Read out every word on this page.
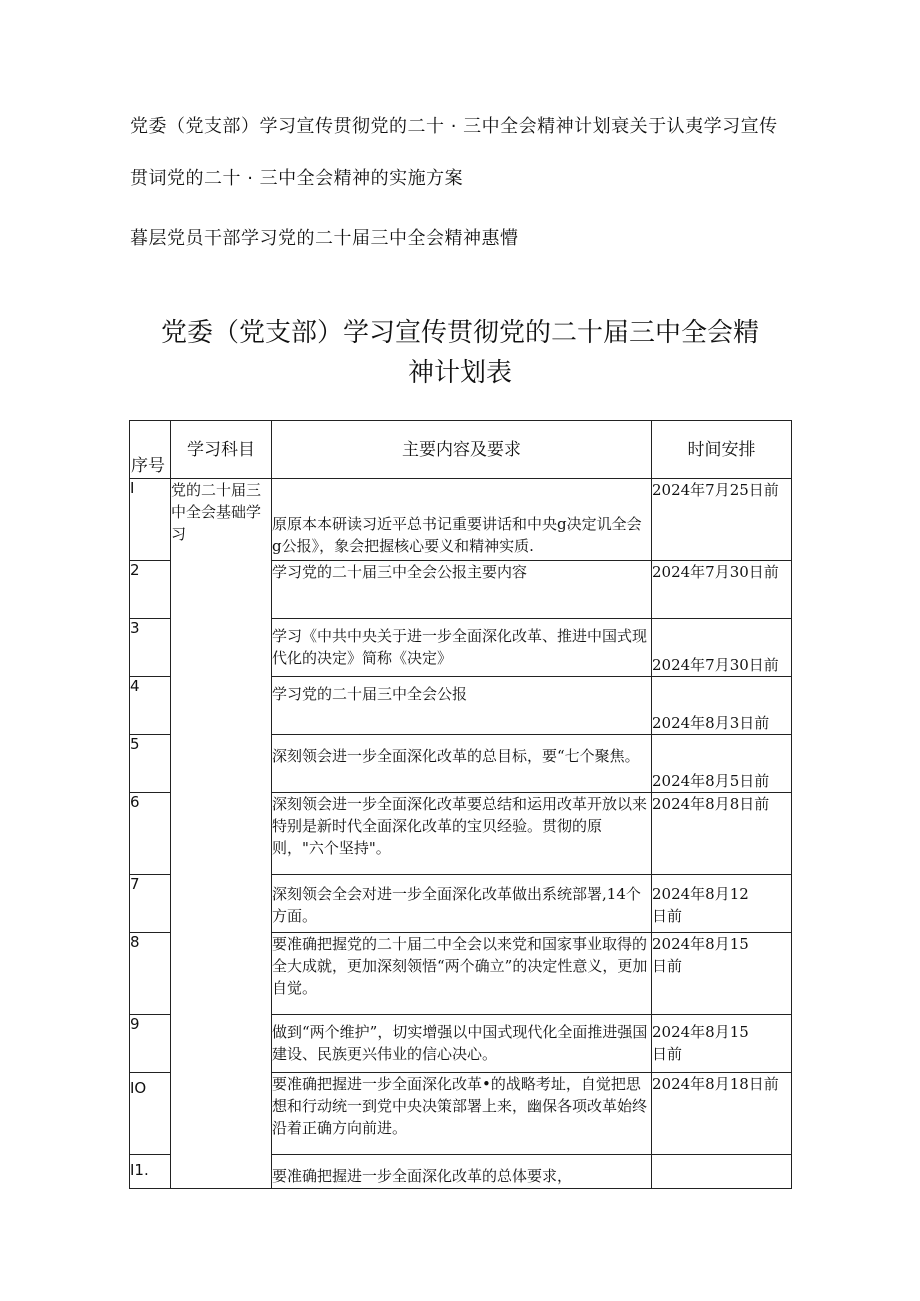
党委（党支部）学习宣传贯彻党的二十 · 三中全会精神计划衰关于认夷学习宣传
贯词党的二十 · 三中全会精神的实施方案
暮层党员干部学习党的二十届三中全会精神惠懵
党委（党支部）学习宣传贯彻党的二十届三中全会精
神计划表
序号	学习科目	主要内容及要求	时间安排
I	党的二十届三中全会基础学习	原原本本研读习近平总书记重要讲话和中央g决定讥全会g公报》，象会把握核心要义和精神实质.	2024年7月25日前
2		学习党的二十届三中全会公报主要内容	2024年7月30日前
3		学习《中共中央关于进一步全面深化改革、推进中国式现代化的决定》简称《决定》	2024年7月30日前
4		学习党的二十届三中全会公报	2024年8月3日前
5		深刻领会进一步全面深化改革的总目标，要“七个聚焦。	2024年8月5日前
6		深刻领会进一步全面深化改革要总结和运用改革开放以来特别是新时代全面深化改革的宝贝经验。贯彻的原则，"六个坚持"。	2024年8月8日前
7		深刻领会全会对进一步全面深化改革做出系统部署,14个方面。	2024年8月12日前
8		要准确把握党的二十届二中全会以来党和国家事业取得的全大成就，更加深刻领悟“两个确立”的决定性意义，更加自觉。	2024年8月15日前
9		做到“两个维护”，切实增强以中国式现代化全面推进强国建设、民族更兴伟业的信心决心。	2024年8月15日前
IO		要准确把握进一步全面深化改革•的战略考址，自觉把思想和行动统一到党中央决策部署上来，幽保各项改革始终沿着正确方向前进。	2024年8月18日前
I1.		要准确把握进一步全面深化改革的总体要求，	
